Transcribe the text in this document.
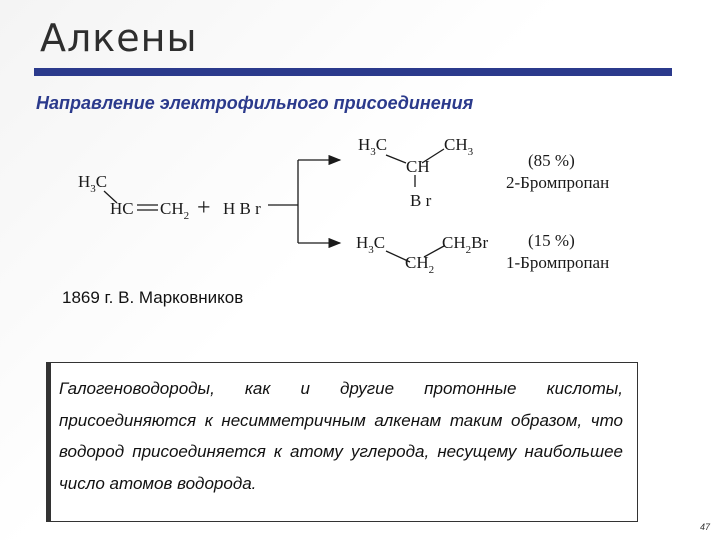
Алкены
Направление электрофильного присоединения
$H_3C$
HC $CH_2 + H$ B r
$H_3C$	$CH_3$
CH
B r
(85 %)
2-Бромпропан
$H_3C$	$CH_2Br$
$CH_2$
(15 %)
1-Бромпропан
1869 г. В. Марковников
Галогеноводороды, как и другие протонные кислоты, присоединяются к несимметричным алкенам таким образом, что водород присоединяется к атому углерода, несущему наибольшее число атомов водорода.
47
